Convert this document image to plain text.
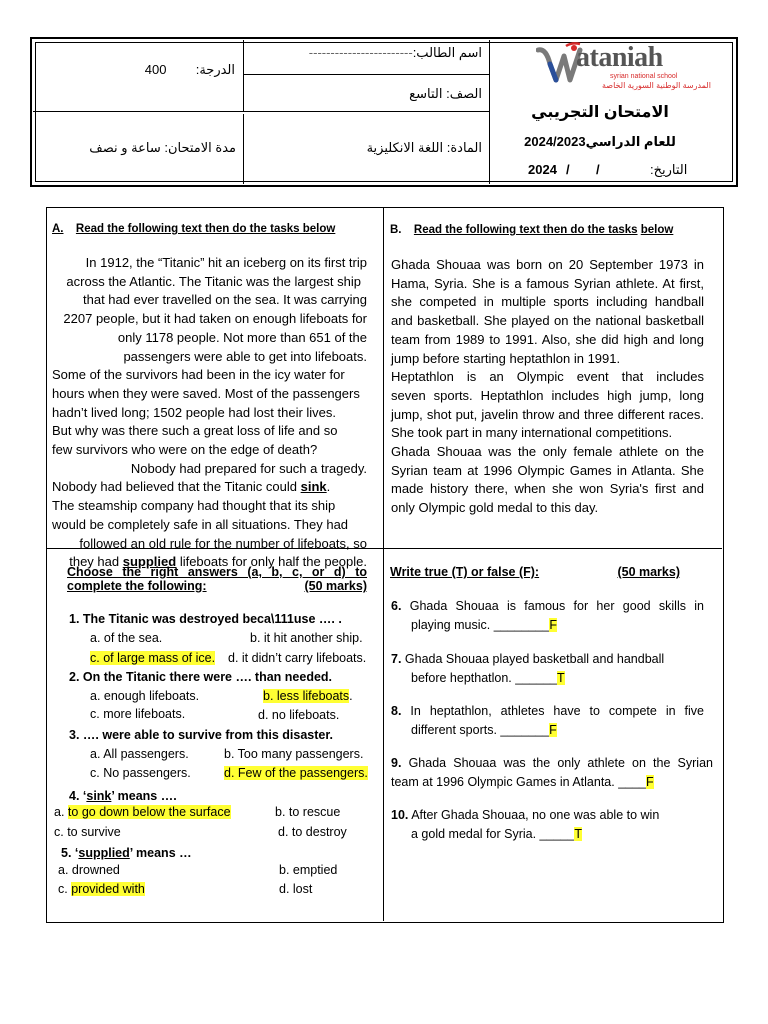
الدرجة:  400
اسم الطالب:------------------------
الصف: التاسع
مدة الامتحان: ساعة و نصف	المادة: اللغة الانكليزية
ataniah
syrian national school
المدرسة الوطنية السورية الخاصة
الامتحان التجريبي
للعام الدراسي2024/2023
2024 / /	التاريخ:
A. Read the following text then do the tasks below

In 1912, the “Titanic” hit an iceberg on its first trip

across the Atlantic. The Titanic was the largest ship

that had ever travelled on the sea. It was carrying

2207 people, but it had taken on enough lifeboats for

only 1178 people. Not more than 651 of the

passengers were able to get into lifeboats.

Some of the survivors had been in the icy water for

hours when they were saved. Most of the passengers

hadn’t lived long; 1502 people had lost their lives.

But why was there such a great loss of life and so

few survivors who were on the edge of death?

Nobody had prepared for such a tragedy.

Nobody had believed that the Titanic could sink.

The steamship company had thought that its ship

would be completely safe in all situations. They had

followed an old rule for the number of lifeboats, so

they had supplied lifeboats for only half the people.

B. Read the following text then do the tasks below

Ghada Shouaa was born on 20 September 1973 in

Hama, Syria. She is a famous Syrian athlete. At first,

she competed in multiple sports including handball

and basketball. She played on the national basketball

team from 1989 to 1991. Also, she did high and long

jump before starting heptathlon in 1991.

Heptathlon is an Olympic event that includes

seven sports. Heptathlon includes high jump, long

jump, shot put, javelin throw and three different races.

She took part in many international competitions.

Ghada Shouaa was the only female athlete on the

Syrian team at 1996 Olympic Games in Atlanta. She

made history there, when she won Syria's first and

only Olympic gold medal to this day.

Choose the right answers (a, b, c, or d) to
complete the following:	(50 marks)
1. The Titanic was destroyed beca\111use …. .
a. of the sea.	b. it hit another ship.
c. of large mass of ice. d. it didn’t carry lifeboats.
2. On the Titanic there were …. than needed.
a. enough lifeboats.	b. less lifeboats.
c. more lifeboats.	d. no lifeboats.
3. …. were able to survive from this disaster.
a. All passengers.	b. Too many passengers.
c. No passengers.	d. Few of the passengers.
4. ‘sink’ means ….
a. to go down below the surface	b. to rescue
c. to survive	d. to destroy
5. ‘supplied’ means …
a. drowned	b. emptied
c. provided with	d. lost
Write true (T) or false (F):	(50 marks)
6. Ghada Shouaa is famous for her good skills in
playing music. ________F
7. Ghada Shouaa played basketball and handball
before hepthatlon. ______T
8. In heptathlon, athletes have to compete in five
different sports. _______F
9. Ghada Shouaa was the only athlete on the Syrian
team at 1996 Olympic Games in Atlanta. ____F
10. After Ghada Shouaa, no one was able to win
a gold medal for Syria. _____T
